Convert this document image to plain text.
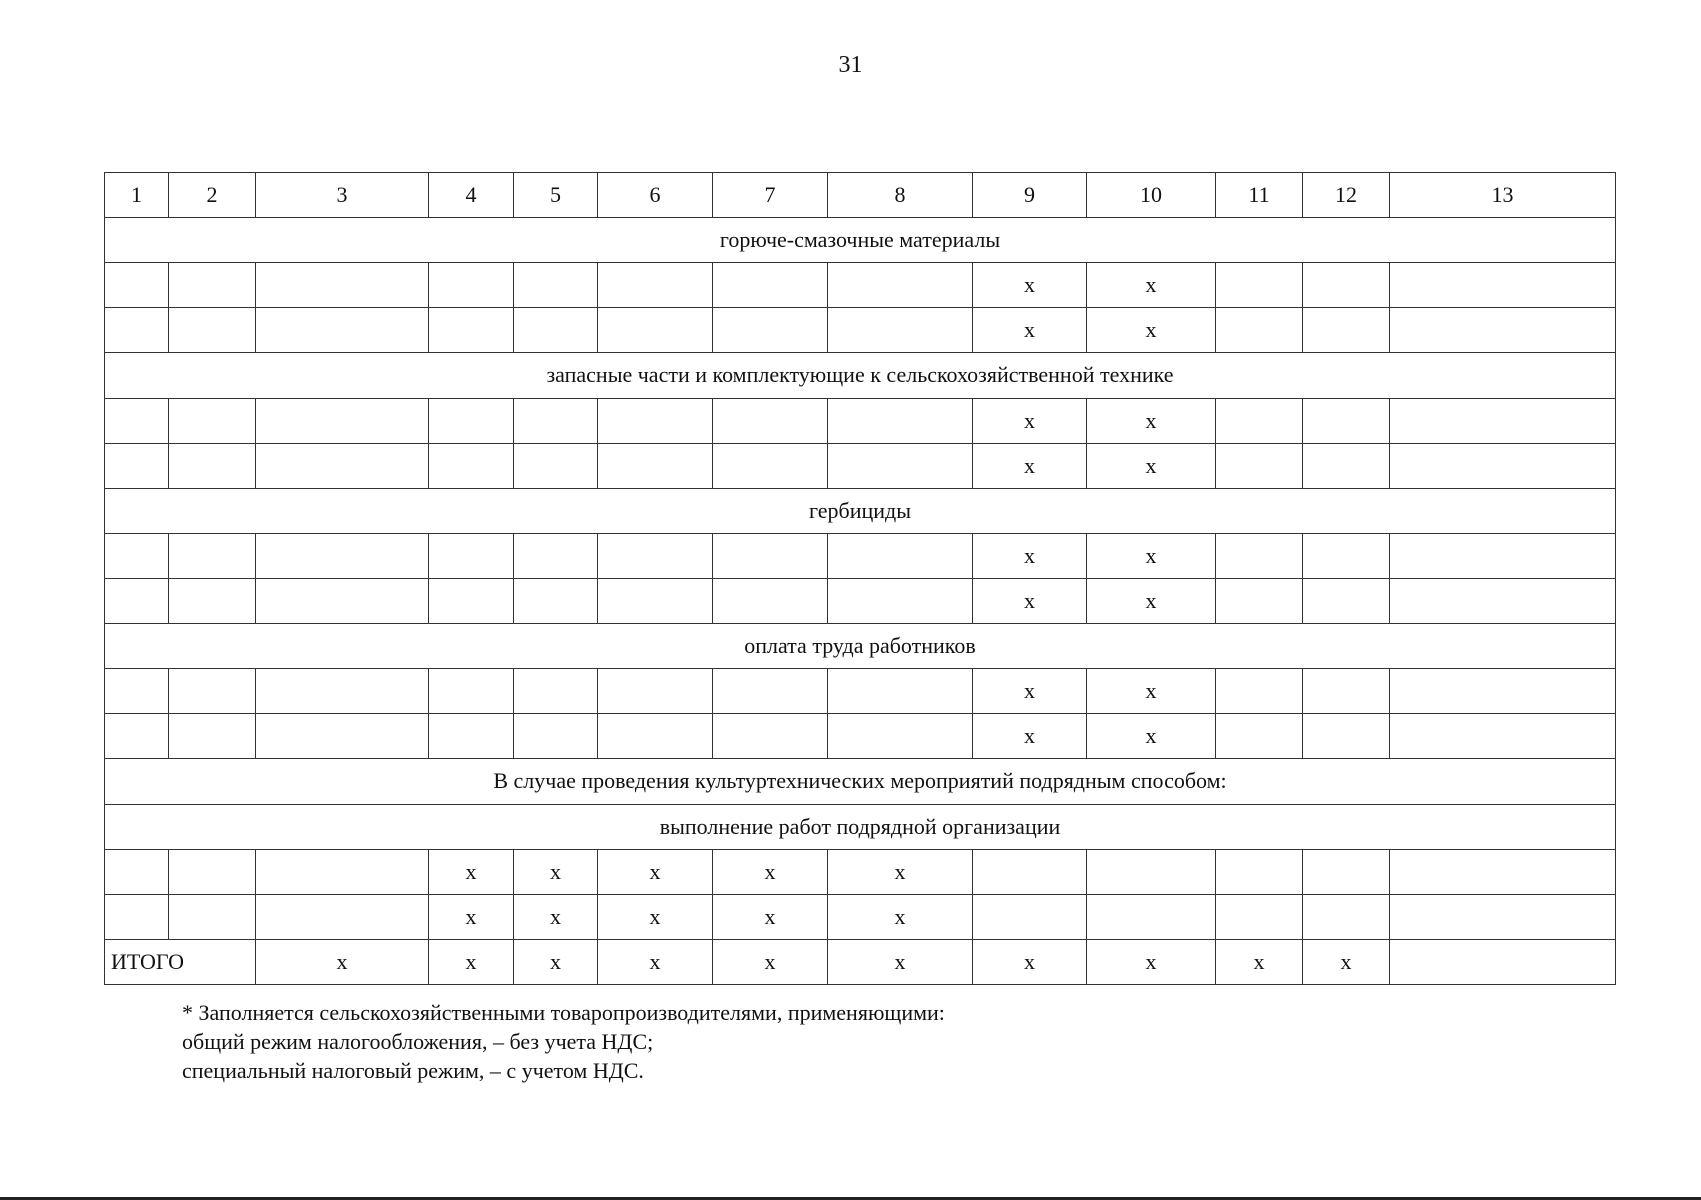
31
1	2	3	4	5	6	7	8	9	10	11	12	13
горюче-смазочные материалы												
								х	х			
								х	х			
запасные части и комплектующие к сельскохозяйственной технике												
								х	х			
								х	х			
гербициды												
								х	х			
								х	х			
оплата труда работников												
								х	х			
								х	х			
В случае проведения культуртехнических мероприятий подрядным способом:												
выполнение работ подрядной организации												
			х	х	х	х	х					
			х	х	х	х	х					
ИТОГО		х	х	х	х	х	х	х	х	х	х	
* Заполняется сельскохозяйственными товаропроизводителями, применяющими:
общий режим налогообложения, – без учета НДС;
специальный налоговый режим, – с учетом НДС.
